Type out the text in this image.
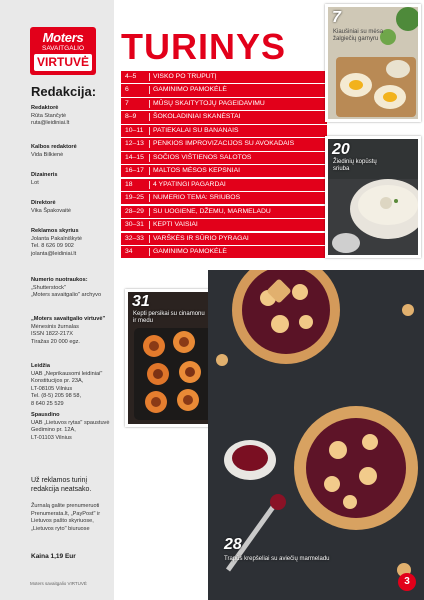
Moters
SAVAITGALIO
VIRTUVĖ
Redakcija:
Redaktorė
Rūta Stančytė
ruta@leidiniai.lt
Kalbos redaktorė
Vida Bilkienė
Dizaineris
Lot
Direktorė
Vika Špakovaitė
Reklamos skyrius
Jolanta Pakalniškytė
Tel. 8 626 09 902
jolanta@leidiniai.lt
Numerio nuotraukos:
„Shutterstock"
„Moters savaitgalio" archyvo
„Moters savaitgalio virtuvė"
Mėnesinis žurnalas
ISSN 1822-217X
Tiražas 20 000 egz.
Leidžia
UAB „Neprikausomi leidiniai"
Konstitucijos pr. 23A,
LT-08105 Vilnius
Tel. (8-5) 205 98 58,
8 640 25 529
Spausdino
UAB „Lietuvos rytas" spaustuvė
Gedimino pr. 12A,
LT-01103 Vilnius
Už reklamos turinį redakcija neatsako.
Žurnalą galite prenumeruoti
Prenumerata.lt, „PayPost" ir
Lietuvos pašto skyriuose,
„Lietuvos ryto" biuruose
Kaina 1,19 Eur
Moters savaitgalio VIRTUVĖ
TURINYS
4–5 VISKO PO TRUPUTĮ
6	GAMINIMO PAMOKĖLĖ
7	MŪSŲ SKAITYTOJŲ PAGEIDAVIMU
8–9 ŠOKOLADINIAI SKANĖSTAI
10–11 PATIEKALAI SU BANANAIS
12–13 PENKIOS IMPROVIZACIJOS SU AVOKADAIS
14–15 SOČIOS VIŠTIENOS SALOTOS
16–17 MALTOS MĖSOS KEPSNIAI
18	4 YPATINGI PAGARDAI
19–25 NUMERIO TEMA: SRIUBOS
28–29 SU UOGIENE, DŽEMU, MARMELADU
30–31 KEPTI VAISIAI
32–33 VARŠKĖS IR SŪRIO PYRAGAI
34	GAMINIMO PAMOKĖLĖ
7
Kiaušiniai su mėsa
žalgiečių garnyru
20
Žiedinių kopūstų
sriuba
31
Kepti persikai su cinamonu
ir medu
28
Trapūs krepšeliai su aviečių marmeladu
3
